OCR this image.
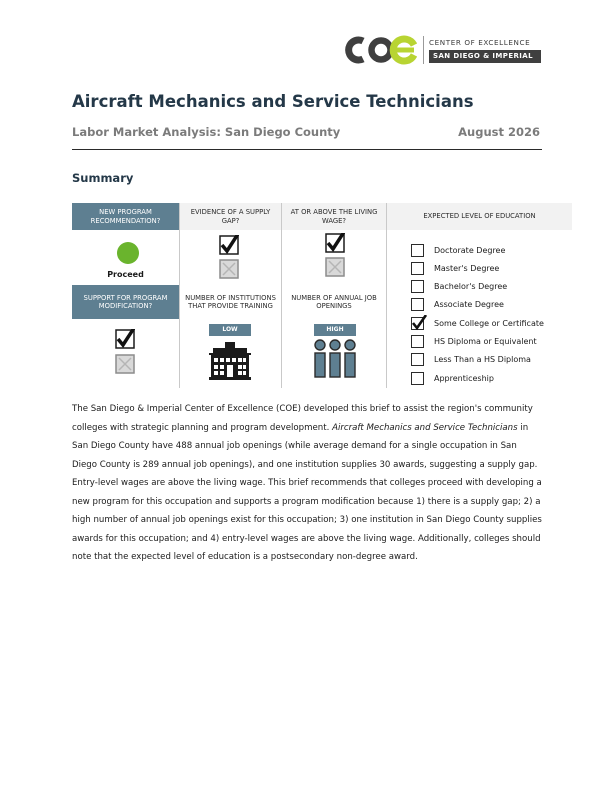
CENTER OF EXCELLENCE
SAN DIEGO & IMPERIAL
Aircraft Mechanics and Service Technicians
Labor Market Analysis: San Diego County	August 2026
Summary
NEW PROGRAM RECOMMENDATION?
EVIDENCE OF A SUPPLY GAP?
AT OR ABOVE THE LIVING WAGE?
EXPECTED LEVEL OF EDUCATION
Proceed
SUPPORT FOR PROGRAM MODIFICATION?
NUMBER OF INSTITUTIONS THAT PROVIDE TRAINING
NUMBER OF ANNUAL JOB OPENINGS
LOW	HIGH
Doctorate Degree
Master's Degree
Bachelor's Degree
Associate Degree
Some College or Certificate
HS Diploma or Equivalent
Less Than a HS Diploma
Apprenticeship
The San Diego & Imperial Center of Excellence (COE) developed this brief to assist the region's community colleges with strategic planning and program development. Aircraft Mechanics and Service Technicians in San Diego County have 488 annual job openings (while average demand for a single occupation in San Diego County is 289 annual job openings), and one institution supplies 30 awards, suggesting a supply gap. Entry-level wages are above the living wage. This brief recommends that colleges proceed with developing a new program for this occupation and supports a program modification because 1) there is a supply gap; 2) a high number of annual job openings exist for this occupation; 3) one institution in San Diego County supplies awards for this occupation; and 4) entry-level wages are above the living wage. Additionally, colleges should note that the expected level of education is a postsecondary non-degree award.
